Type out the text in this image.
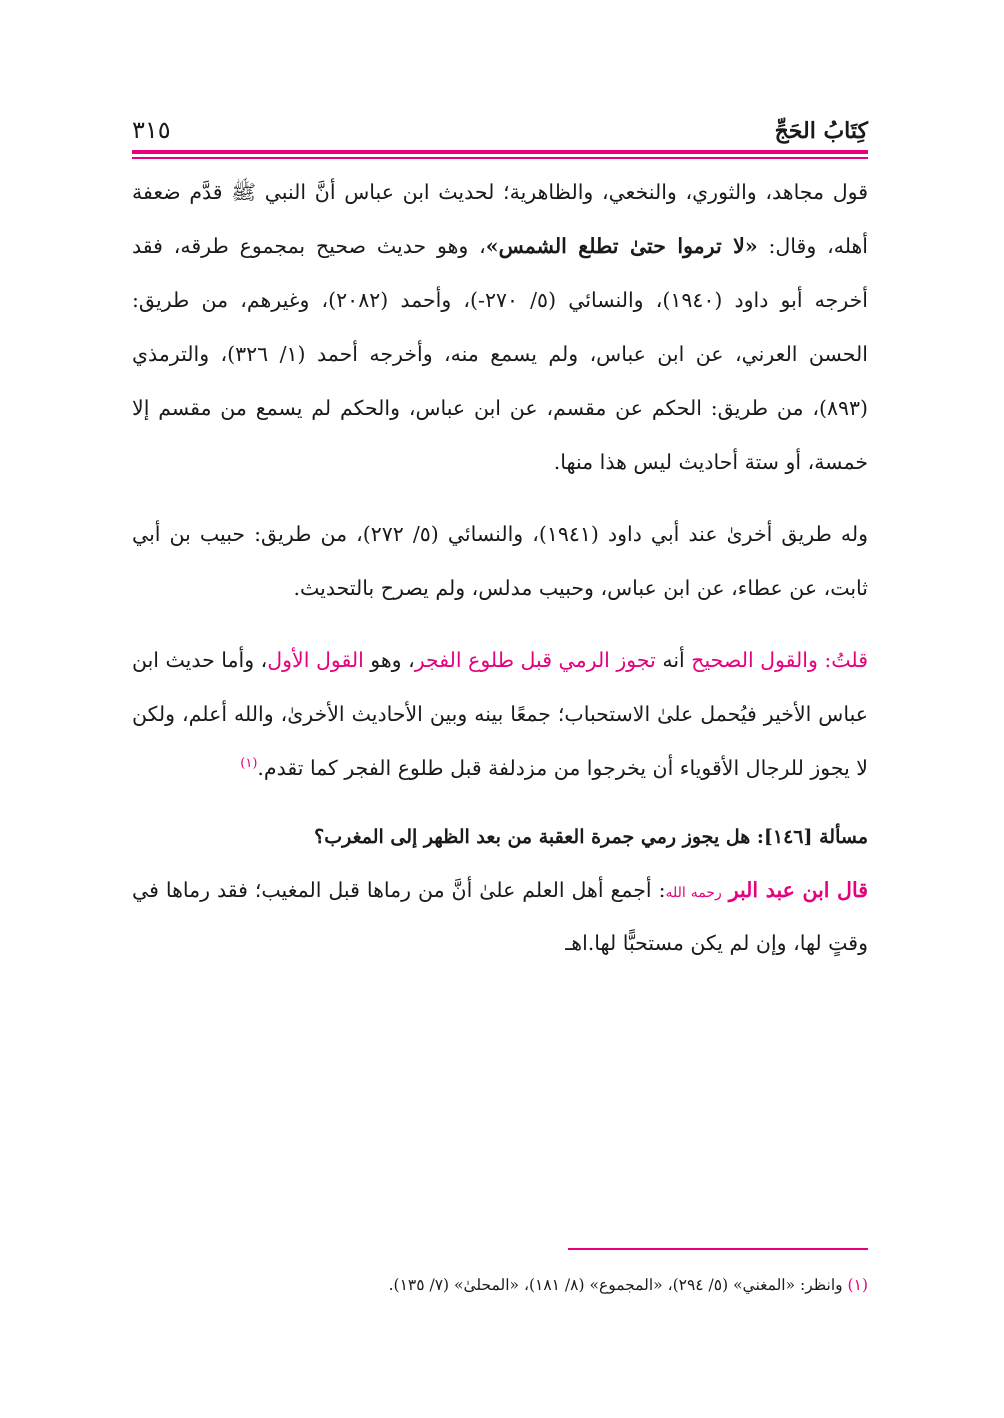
كِتَابُ الحَجِّ
٣١٥

قول مجاهد، والثوري، والنخعي، والظاهرية؛ لحديث ابن عباس أنَّ النبي ﷺ قدَّم ضعفة أهله، وقال: «لا ترموا حتىٰ تطلع الشمس»، وهو حديث صحيح بمجموع طرقه، فقد أخرجه أبو داود (١٩٤٠)، والنسائي (٥/ ٢٧٠-)، وأحمد (٢٠٨٢)، وغيرهم، من طريق: الحسن العرني، عن ابن عباس، ولم يسمع منه، وأخرجه أحمد (١/ ٣٢٦)، والترمذي (٨٩٣)، من طريق: الحكم عن مقسم، عن ابن عباس، والحكم لم يسمع من مقسم إلا خمسة، أو ستة أحاديث ليس هذا منها.

وله طريق أخرىٰ عند أبي داود (١٩٤١)، والنسائي (٥/ ٢٧٢)، من طريق: حبيب بن أبي ثابت، عن عطاء، عن ابن عباس، وحبيب مدلس، ولم يصرح بالتحديث.

قلتُ: والقول الصحيح أنه تجوز الرمي قبل طلوع الفجر، وهو القول الأول، وأما حديث ابن عباس الأخير فيُحمل علىٰ الاستحباب؛ جمعًا بينه وبين الأحاديث الأخرىٰ، والله أعلم، ولكن لا يجوز للرجال الأقوياء أن يخرجوا من مزدلفة قبل طلوع الفجر كما تقدم.$^{(١)}$

مسألة [١٤٦]: هل يجوز رمي جمرة العقبة من بعد الظهر إلى المغرب؟

قال ابن عبد البر رحمه الله: أجمع أهل العلم علىٰ أنَّ من رماها قبل المغيب؛ فقد رماها في وقتٍ لها، وإن لم يكن مستحبًّا لها.اهـ

(١) وانظر: «المغني» (٥/ ٢٩٤)، «المجموع» (٨/ ١٨١)، «المحلىٰ» (٧/ ١٣٥).
